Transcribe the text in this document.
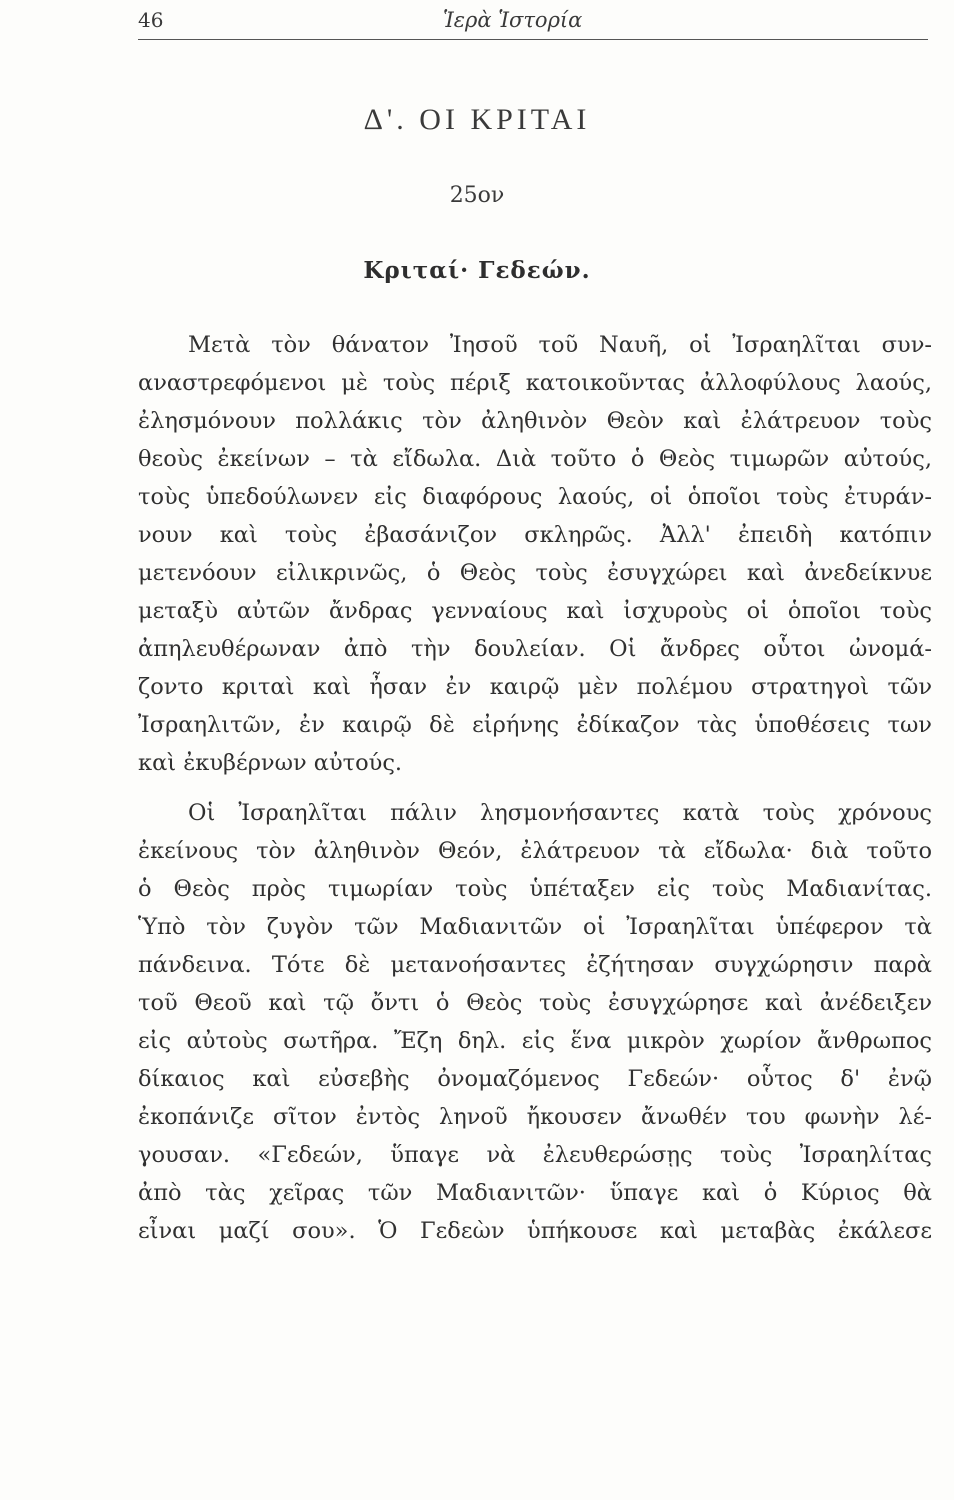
46	Ἱερὰ Ἱστορία
Δ'. ΟΙ ΚΡΙΤΑΙ
25ον
Κριταί· Γεδεών.
Μετὰ τὸν θάνατον Ἰησοῦ τοῦ Ναυῆ, οἱ Ἰσραηλῖται συν-
αναστρεφόμενοι μὲ τοὺς πέριξ κατοικοῦντας ἀλλοφύλους λαούς,
ἐλησμόνουν πολλάκις τὸν ἀληθινὸν Θεὸν καὶ ἐλάτρευον τοὺς
θεοὺς ἐκείνων – τὰ εἴδωλα. Διὰ τοῦτο ὁ Θεὸς τιμωρῶν αὐτούς,
τοὺς ὑπεδούλωνεν εἰς διαφόρους λαούς, οἱ ὁποῖοι τοὺς ἐτυράν-
νουν καὶ τοὺς ἐβασάνιζον σκληρῶς. Ἀλλ' ἐπειδὴ κατόπιν
μετενόουν εἰλικρινῶς, ὁ Θεὸς τοὺς ἐσυγχώρει καὶ ἀνεδείκνυε
μεταξὺ αὐτῶν ἄνδρας γενναίους καὶ ἰσχυροὺς οἱ ὁποῖοι τοὺς
ἀπηλευθέρωναν ἀπὸ τὴν δουλείαν. Οἱ ἄνδρες οὗτοι ὠνομά-
ζοντο κριταὶ καὶ ἦσαν ἐν καιρῷ μὲν πολέμου στρατηγοὶ τῶν
Ἰσραηλιτῶν, ἐν καιρῷ δὲ εἰρήνης ἐδίκαζον τὰς ὑποθέσεις των
καὶ ἐκυβέρνων αὐτούς.
Οἱ Ἰσραηλῖται πάλιν λησμονήσαντες κατὰ τοὺς χρόνους
ἐκείνους τὸν ἀληθινὸν Θεόν, ἐλάτρευον τὰ εἴδωλα· διὰ τοῦτο
ὁ Θεὸς πρὸς τιμωρίαν τοὺς ὑπέταξεν εἰς τοὺς Μαδιανίτας.
Ὑπὸ τὸν ζυγὸν τῶν Μαδιανιτῶν οἱ Ἰσραηλῖται ὑπέφερον τὰ
πάνδεινα. Τότε δὲ μετανοήσαντες ἐζήτησαν συγχώρησιν παρὰ
τοῦ Θεοῦ καὶ τῷ ὄντι ὁ Θεὸς τοὺς ἐσυγχώρησε καὶ ἀνέδειξεν
εἰς αὐτοὺς σωτῆρα. Ἔζη δηλ. εἰς ἕνα μικρὸν χωρίον ἄνθρωπος
δίκαιος καὶ εὐσεβὴς ὀνομαζόμενος Γεδεών· οὗτος δ' ἐνῷ
ἐκοπάνιζε σῖτον ἐντὸς ληνοῦ ἤκουσεν ἄνωθέν του φωνὴν λέ-
γουσαν. «Γεδεών, ὕπαγε νὰ ἐλευθερώσῃς τοὺς Ἰσραηλίτας
ἀπὸ τὰς χεῖρας τῶν Μαδιανιτῶν· ὕπαγε καὶ ὁ Κύριος θὰ
εἶναι μαζί σου». Ὁ Γεδεὼν ὑπήκουσε καὶ μεταβὰς ἐκάλεσε
